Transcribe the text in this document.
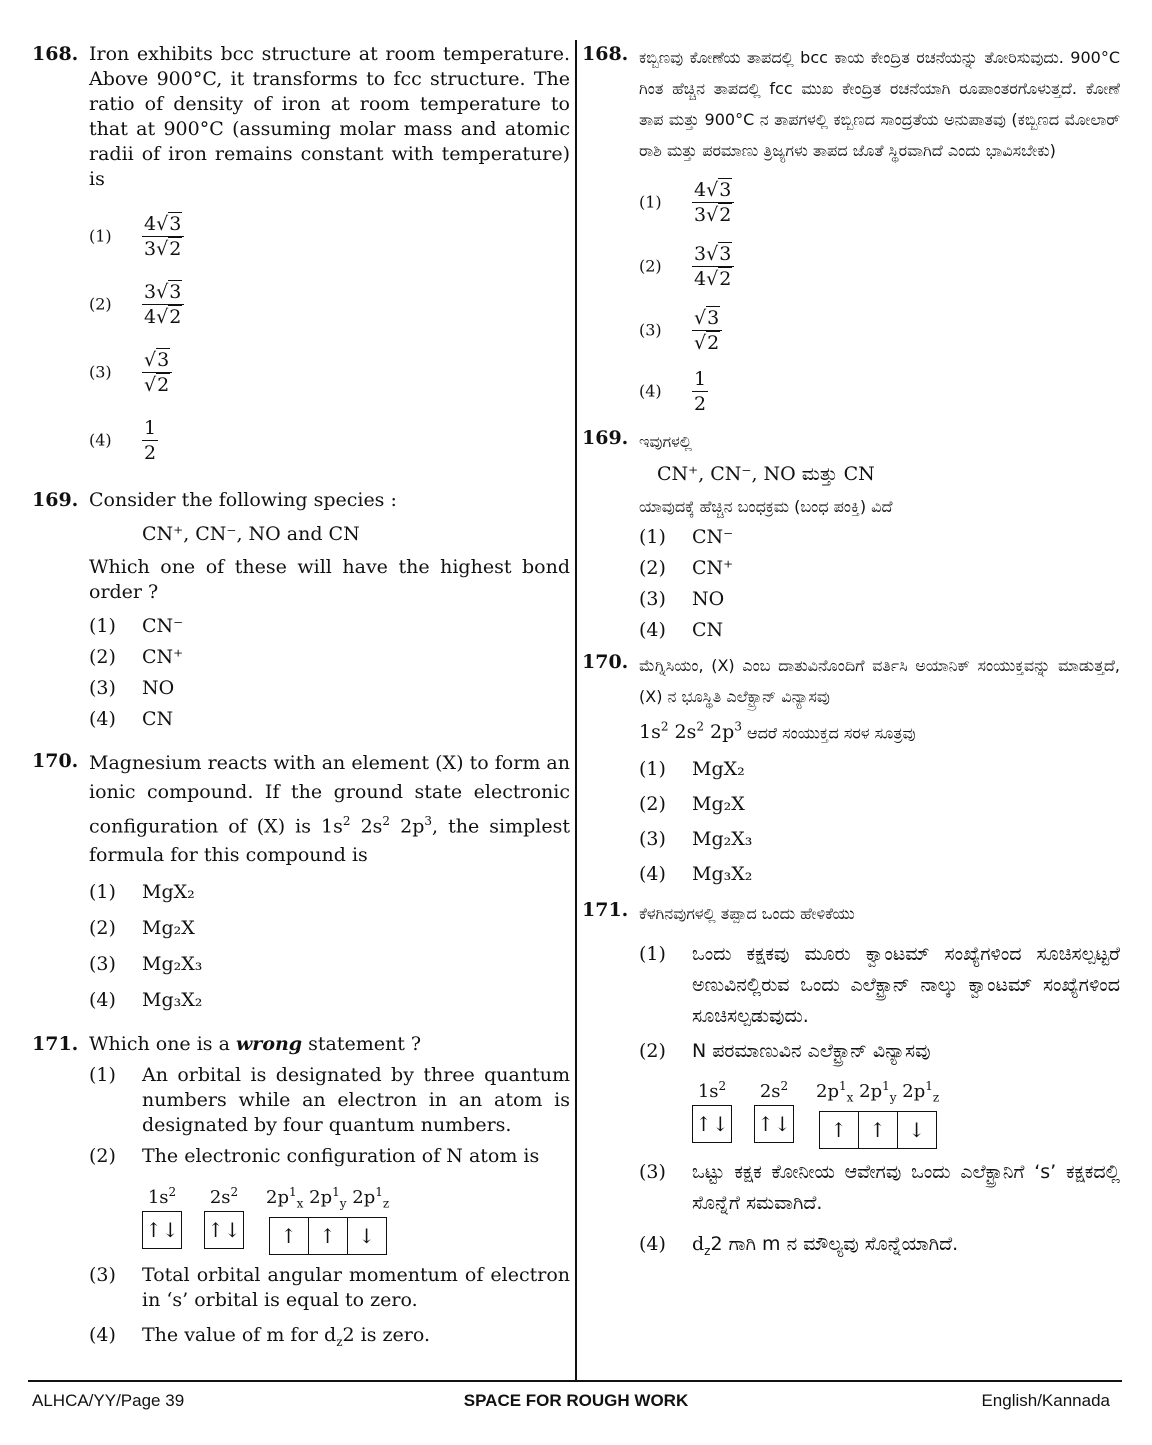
168. Iron exhibits bcc structure at room temperature. Above 900°C, it transforms to fcc structure. The ratio of density of iron at room temperature to that at 900°C (assuming molar mass and atomic radii of iron remains constant with temperature) is
$(1) \frac{4√3}{3√2}$
$(2) \frac{3√3}{4√2}$
$(3) \frac{√3}{√2}$
$(4) \frac{1}{2}$
169. Consider the following species :
CN⁺, CN⁻, NO and CN
Which one of these will have the highest bond order ?
(1) CN⁻
(2) CN⁺
(3) NO
(4) CN
170. Magnesium reacts with an element (X) to form an ionic compound. If the ground state electronic configuration of (X) is $1s^2$ $2s^2$ $2p^3$, the simplest formula for this compound is
(1) MgX₂
(2) Mg₂X
(3) Mg₂X₃
(4) Mg₃X₂
171. Which one is a wrong statement ?
(1) An orbital is designated by three quantum numbers while an electron in an atom is designated by four quantum numbers.
(2) The electronic configuration of N atom is
$1s^2$
↑↓
$2s^2$
↑↓
$2p^1_x$ $2p^1_y$ $2p^1_z$
↑	↑	↓
(3) Total orbital angular momentum of electron in ‘s’ orbital is equal to zero.
(4) The value of m for $d_z2$ is zero.
168. ಕಬ್ಬಿಣವು ಕೋಣೆಯ ತಾಪದಲ್ಲಿ bcc ಕಾಯ ಕೇಂದ್ರಿತ ರಚನೆಯನ್ನು ತೋರಿಸುವುದು. 900°C ಗಿಂತ ಹೆಚ್ಚಿನ ತಾಪದಲ್ಲಿ fcc ಮುಖ ಕೇಂದ್ರಿತ ರಚನೆಯಾಗಿ ರೂಪಾಂತರಗೊಳುತ್ತದೆ. ಕೋಣೆ ತಾಪ ಮತ್ತು 900°C ನ ತಾಪಗಳಲ್ಲಿ ಕಬ್ಬಿಣದ ಸಾಂದ್ರತೆಯ ಅನುಪಾತವು (ಕಬ್ಬಿಣದ ಮೋಲಾರ್ ರಾಶಿ ಮತ್ತು ಪರಮಾಣು ತ್ರಿಜ್ಯಗಳು ತಾಪದ ಜೊತೆ ಸ್ಥಿರವಾಗಿದೆ ಎಂದು ಭಾವಿಸಬೇಕು)
$(1) \frac{4√3}{3√2}$
$(2) \frac{3√3}{4√2}$
$(3) \frac{√3}{√2}$
$(4) \frac{1}{2}$
169. ಇವುಗಳಲ್ಲಿ
CN⁺, CN⁻, NO ಮತ್ತು CN
ಯಾವುದಕ್ಕೆ ಹೆಚ್ಚಿನ ಬಂಧಕ್ರಮ (ಬಂಧ ಪಂಕ್ತಿ) ವಿದೆ
(1) CN⁻
(2) CN⁺
(3) NO
(4) CN
170. ಮೆಗ್ನಿಸಿಯಂ, (X) ಎಂಬ ದಾತುವಿನೊಂದಿಗೆ ವರ್ತಿಸಿ ಅಯಾನಿಕ್ ಸಂಯುಕ್ತವನ್ನು ಮಾಡುತ್ತದೆ, (X) ನ ಭೂಸ್ಥಿತಿ ಎಲೆಕ್ಟ್ರಾನ್ ವಿನ್ಯಾಸವು
$1s^2$ $2s^2$ $2p^3$ ಆದರೆ ಸಂಯುಕ್ತದ ಸರಳ ಸೂತ್ರವು
(1) MgX₂
(2) Mg₂X
(3) Mg₂X₃
(4) Mg₃X₂
171. ಕೆಳಗಿನವುಗಳಲ್ಲಿ ತಪ್ಪಾದ ಒಂದು ಹೇಳಿಕೆಯು
(1) ಒಂದು ಕಕ್ಷಕವು ಮೂರು ಕ್ವಾಂಟಮ್ ಸಂಖ್ಯೆಗಳಿಂದ ಸೂಚಿಸಲ್ಪಟ್ಟರೆ ಅಣುವಿನಲ್ಲಿರುವ ಒಂದು ಎಲೆಕ್ಟ್ರಾನ್ ನಾಲ್ಕು ಕ್ವಾಂಟಮ್ ಸಂಖ್ಯೆಗಳಿಂದ ಸೂಚಿಸಲ್ಪಡುವುದು.
(2) N ಪರಮಾಣುವಿನ ಎಲೆಕ್ಟ್ರಾನ್ ವಿನ್ಯಾಸವು
$1s^2$
↑↓
$2s^2$
↑↓
$2p^1_x$ $2p^1_y$ $2p^1_z$
↑	↑	↓
(3) ಒಟ್ಟು ಕಕ್ಷಕ ಕೋನೀಯ ಆವೇಗವು ಒಂದು ಎಲೆಕ್ಟ್ರಾನಿಗೆ ‘s’ ಕಕ್ಷಕದಲ್ಲಿ ಸೊನ್ನೆಗೆ ಸಮವಾಗಿದೆ.
(4) $d_z2$ ಗಾಗಿ m ನ ಮೌಲ್ಯವು ಸೊನ್ನೆಯಾಗಿದೆ.
ALHCA/YY/Page 39	SPACE FOR ROUGH WORK	English/Kannada
